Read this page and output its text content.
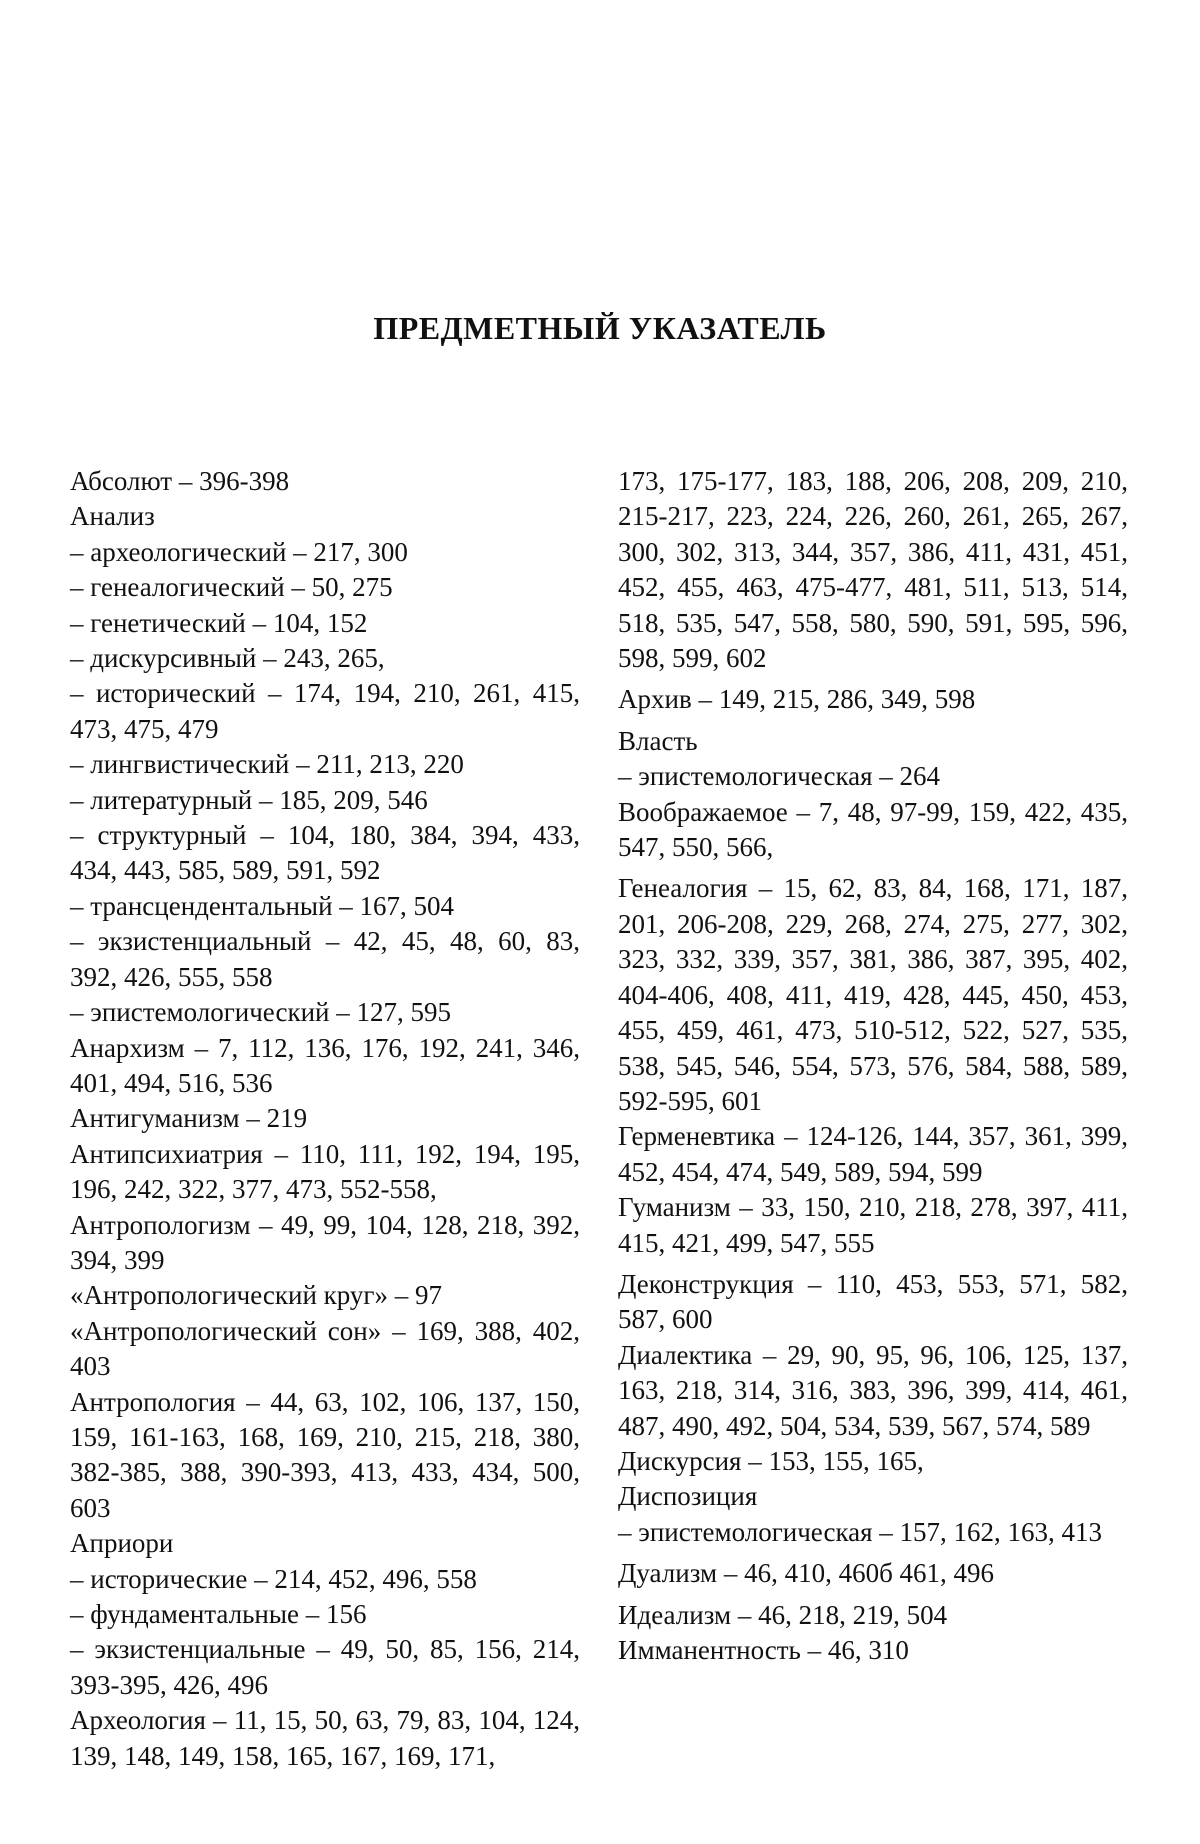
ПРЕДМЕТНЫЙ УКАЗАТЕЛЬ

Абсолют – 396-398

Анализ

– археологический – 217, 300

– генеалогический – 50, 275

– генетический – 104, 152

– дискурсивный – 243, 265,

– исторический – 174, 194, 210, 261, 415, 473, 475, 479

– лингвистический – 211, 213, 220

– литературный – 185, 209, 546

– структурный – 104, 180, 384, 394, 433, 434, 443, 585, 589, 591, 592

– трансцендентальный – 167, 504

– экзистенциальный – 42, 45, 48, 60, 83, 392, 426, 555, 558

– эпистемологический – 127, 595

Анархизм – 7, 112, 136, 176, 192, 241, 346, 401, 494, 516, 536

Антигуманизм – 219

Антипсихиатрия – 110, 111, 192, 194, 195, 196, 242, 322, 377, 473, 552-558,

Антропологизм – 49, 99, 104, 128, 218, 392, 394, 399

«Антропологический круг» – 97

«Антропологический сон» – 169, 388, 402, 403

Антропология – 44, 63, 102, 106, 137, 150, 159, 161-163, 168, 169, 210, 215, 218, 380, 382-385, 388, 390-393, 413, 433, 434, 500, 603

Априори

– исторические – 214, 452, 496, 558

– фундаментальные – 156

– экзистенциальные – 49, 50, 85, 156, 214, 393-395, 426, 496

Археология – 11, 15, 50, 63, 79, 83, 104, 124, 139, 148, 149, 158, 165, 167, 169, 171,

173, 175-177, 183, 188, 206, 208, 209, 210, 215-217, 223, 224, 226, 260, 261, 265, 267, 300, 302, 313, 344, 357, 386, 411, 431, 451, 452, 455, 463, 475-477, 481, 511, 513, 514, 518, 535, 547, 558, 580, 590, 591, 595, 596, 598, 599, 602

Архив – 149, 215, 286, 349, 598

Власть

– эпистемологическая – 264

Воображаемое – 7, 48, 97-99, 159, 422, 435, 547, 550, 566,

Генеалогия – 15, 62, 83, 84, 168, 171, 187, 201, 206-208, 229, 268, 274, 275, 277, 302, 323, 332, 339, 357, 381, 386, 387, 395, 402, 404-406, 408, 411, 419, 428, 445, 450, 453, 455, 459, 461, 473, 510-512, 522, 527, 535, 538, 545, 546, 554, 573, 576, 584, 588, 589, 592-595, 601

Герменевтика – 124-126, 144, 357, 361, 399, 452, 454, 474, 549, 589, 594, 599

Гуманизм – 33, 150, 210, 218, 278, 397, 411, 415, 421, 499, 547, 555

Деконструкция – 110, 453, 553, 571, 582, 587, 600

Диалектика – 29, 90, 95, 96, 106, 125, 137, 163, 218, 314, 316, 383, 396, 399, 414, 461, 487, 490, 492, 504, 534, 539, 567, 574, 589

Дискурсия – 153, 155, 165,

Диспозиция

– эпистемологическая – 157, 162, 163, 413

Дуализм – 46, 410, 460б 461, 496

Идеализм – 46, 218, 219, 504

Имманентность – 46, 310
